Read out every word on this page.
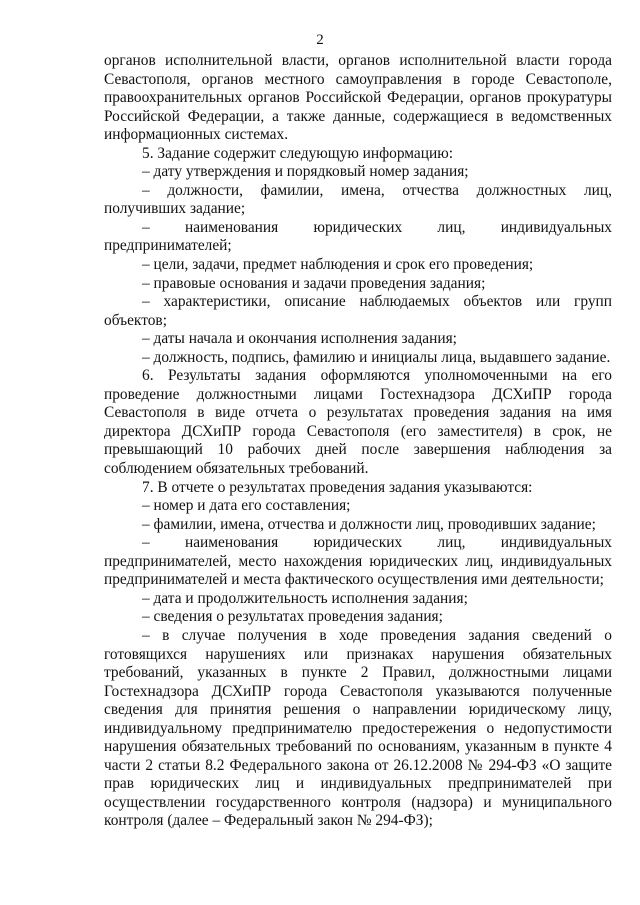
2

органов исполнительной власти, органов исполнительной власти города Севастополя, органов местного самоуправления в городе Севастополе, правоохранительных органов Российской Федерации, органов прокуратуры Российской Федерации, а также данные, содержащиеся в ведомственных информационных системах.

5. Задание содержит следующую информацию:

– дату утверждения и порядковый номер задания;

– должности, фамилии, имена, отчества должностных лиц, получивших задание;

– наименования юридических лиц, индивидуальных предпринимателей;

– цели, задачи, предмет наблюдения и срок его проведения;

– правовые основания и задачи проведения задания;

– характеристики, описание наблюдаемых объектов или групп объектов;

– даты начала и окончания исполнения задания;

– должность, подпись, фамилию и инициалы лица, выдавшего задание.

6. Результаты задания оформляются уполномоченными на его проведение должностными лицами Гостехнадзора ДСХиПР города Севастополя в виде отчета о результатах проведения задания на имя директора ДСХиПР города Севастополя (его заместителя) в срок, не превышающий 10 рабочих дней после завершения наблюдения за соблюдением обязательных требований.

7. В отчете о результатах проведения задания указываются:

– номер и дата его составления;

– фамилии, имена, отчества и должности лиц, проводивших задание;

– наименования юридических лиц, индивидуальных предпринимателей, место нахождения юридических лиц, индивидуальных предпринимателей и места фактического осуществления ими деятельности;

– дата и продолжительность исполнения задания;

– сведения о результатах проведения задания;

– в случае получения в ходе проведения задания сведений о готовящихся нарушениях или признаках нарушения обязательных требований, указанных в пункте 2 Правил, должностными лицами Гостехнадзора ДСХиПР города Севастополя указываются полученные сведения для принятия решения о направлении юридическому лицу, индивидуальному предпринимателю предостережения о недопустимости нарушения обязательных требований по основаниям, указанным в пункте 4 части 2 статьи 8.2 Федерального закона от 26.12.2008 № 294-ФЗ «О защите прав юридических лиц и индивидуальных предпринимателей при осуществлении государственного контроля (надзора) и муниципального контроля (далее – Федеральный закон № 294-ФЗ);
